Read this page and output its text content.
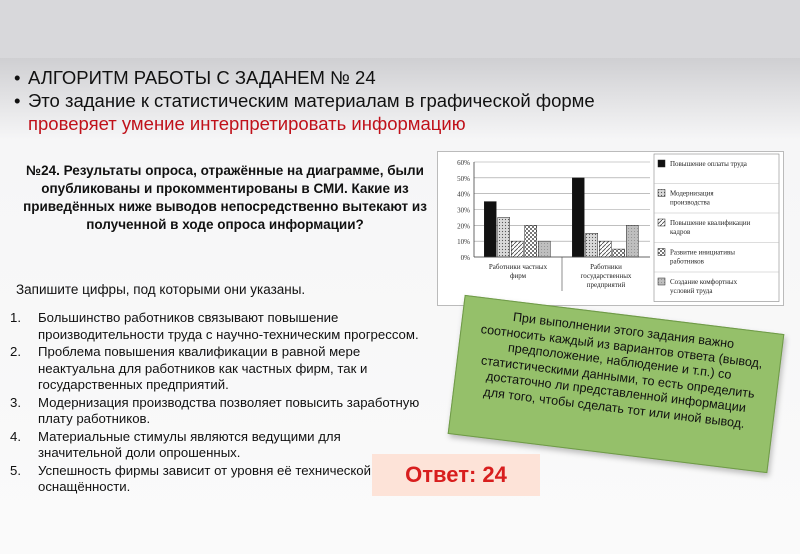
• АЛГОРИТМ РАБОТЫ С ЗАДАНЕМ № 24
• Это задание к статистическим материалам в графической форме
проверяет умение интерпретировать информацию
№24. Результаты опроса, отражённые на диаграмме, были опубликованы и прокомментированы в СМИ. Какие из приведённых ниже выводов непосредственно вытекают из полученной в ходе опроса информации?
0%
10%
20%
30%
40%
50%
60%
Работники частных
фирм
Работники
государственных
предприятий
Повышение оплаты труда
Модернизация
производства
Повышение квалификации
кадров
Развитие инициативы
работников
Создание комфортных
условий труда
Запишите цифры, под которыми они указаны.
1.	Большинство работников связывают повышение производительности труда с научно-техническим прогрессом.
2.	Проблема повышения квалификации в равной мере неактуальна для работников как частных фирм, так и государственных предприятий.
3.	Модернизация производства позволяет повысить заработную плату работников.
4.	Материальные стимулы являются ведущими для значительной доли опрошенных.
5.	Успешность фирмы зависит от уровня её технической оснащённости.
При выполнении этого задания важно соотносить каждый из вариантов ответа (вывод, предположение, наблюдение и т.п.) со статистическими данными, то есть определить достаточно ли представленной информации для того, чтобы сделать тот или иной вывод.
Ответ: 24
